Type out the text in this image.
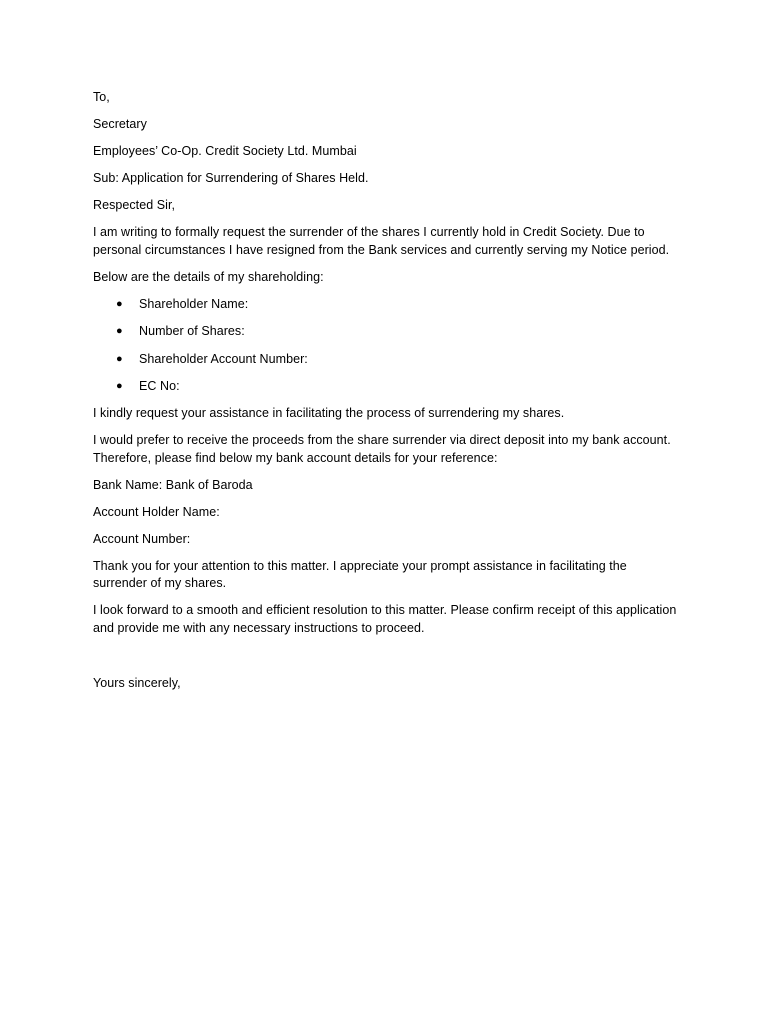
To,

Secretary

Employees’ Co-Op. Credit Society Ltd. Mumbai

Sub: Application for Surrendering of Shares Held.

Respected Sir,

I am writing to formally request the surrender of the shares I currently hold in Credit Society. Due to personal circumstances I have resigned from the Bank services and currently serving my Notice period.

Below are the details of my shareholding:

● Shareholder Name:
● Number of Shares:
● Shareholder Account Number:
● EC No:

I kindly request your assistance in facilitating the process of surrendering my shares.

I would prefer to receive the proceeds from the share surrender via direct deposit into my bank account. Therefore, please find below my bank account details for your reference:

Bank Name: Bank of Baroda

Account Holder Name:

Account Number:

Thank you for your attention to this matter. I appreciate your prompt assistance in facilitating the surrender of my shares.

I look forward to a smooth and efficient resolution to this matter. Please confirm receipt of this application and provide me with any necessary instructions to proceed.

Yours sincerely,
